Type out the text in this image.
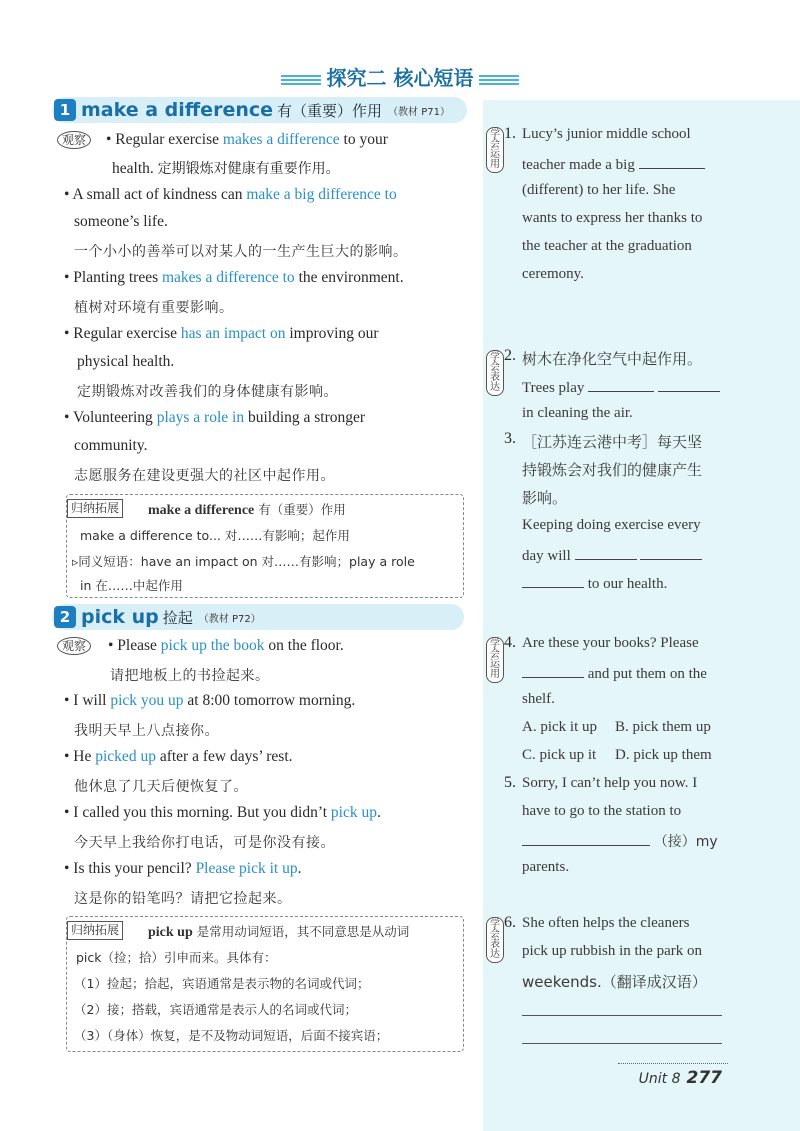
探究二 核心短语
1 make a difference 有（重要）作用 （教材 P71）
观察	• Regular exercise makes a difference to your
health. 定期锻炼对健康有重要作用。
• A small act of kindness can make a big difference to
someone’s life.
一个小小的善举可以对某人的一生产生巨大的影响。
• Planting trees makes a difference to the environment.
植树对环境有重要影响。
• Regular exercise has an impact on improving our
physical health.
定期锻炼对改善我们的身体健康有影响。
• Volunteering plays a role in building a stronger
community.
志愿服务在建设更强大的社区中起作用。
归纳拓展 make a difference 有（重要）作用
make a difference to... 对……有影响；起作用
▹同义短语：have an impact on 对……有影响；play a role
in 在……中起作用
2 pick up 捡起 （教材 P72）
观察	• Please pick up the book on the floor.
请把地板上的书捡起来。
• I will pick you up at 8:00 tomorrow morning.
我明天早上八点接你。
• He picked up after a few days’ rest.
他休息了几天后便恢复了。
• I called you this morning. But you didn’t pick up.
今天早上我给你打电话，可是你没有接。
• Is this your pencil? Please pick it up.
这是你的铅笔吗？请把它捡起来。
归纳拓展 pick up 是常用动词短语，其不同意思是从动词
pick（捡；拾）引申而来。具体有：
（1）捡起；拾起，宾语通常是表示物的名词或代词；
（2）接；搭载，宾语通常是表示人的名词或代词；
（3）（身体）恢复，是不及物动词短语，后面不接宾语；
学会运用
1. Lucy’s junior middle school
teacher made a big
(different) to her life. She
wants to express her thanks to
the teacher at the graduation
ceremony.
学会表达
2. 树木在净化空气中起作用。
Trees play
in cleaning the air.
3. ［江苏连云港中考］每天坚
持锻炼会对我们的健康产生
影响。
Keeping doing exercise every
day will
to our health.
学会运用
4. Are these your books? Please
and put them on the
shelf.
A. pick it up B. pick them up
C. pick up it D. pick up them
5. Sorry, I can’t help you now. I
have to go to the station to
（接）my
parents.
学会表达
6. She often helps the cleaners
pick up rubbish in the park on
weekends.（翻译成汉语）
Unit 8 277
